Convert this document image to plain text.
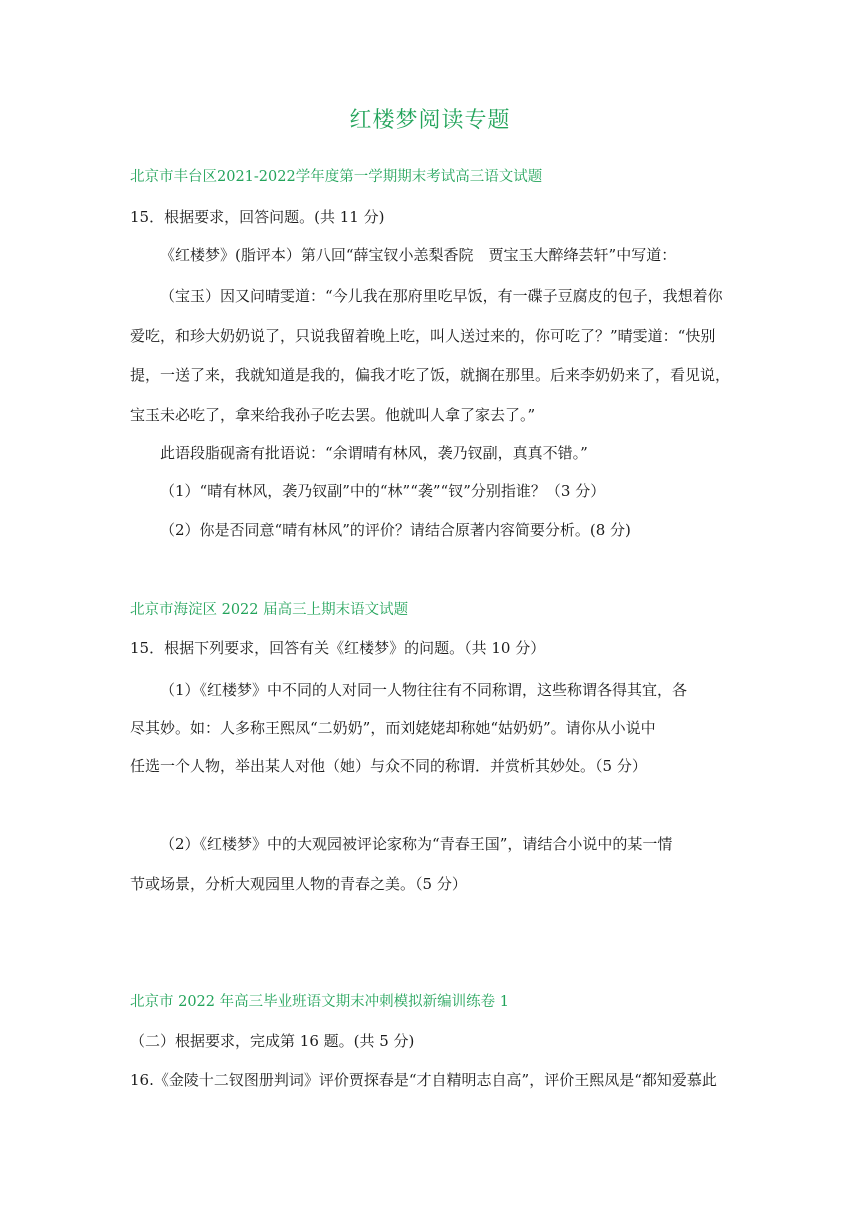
红楼梦阅读专题
北京市丰台区2021-2022学年度第一学期期末考试高三语文试题
15．根据要求，回答问题。(共 11 分)
《红楼梦》(脂评本）第八回“薛宝钗小恙梨香院　贾宝玉大醉绛芸轩”中写道：
（宝玉）因又问晴雯道：“今儿我在那府里吃早饭，有一碟子豆腐皮的包子，我想着你
爱吃，和珍大奶奶说了，只说我留着晚上吃，叫人送过来的，你可吃了？”晴雯道：“快别
提，一送了来，我就知道是我的，偏我才吃了饭，就搁在那里。后来李奶奶来了，看见说，
宝玉未必吃了，拿来给我孙子吃去罢。他就叫人拿了家去了。”
此语段脂砚斋有批语说：“余谓晴有林风，袭乃钗副，真真不错。”
（1）“晴有林风，袭乃钗副”中的“林”“袭”“钗”分别指谁？（3 分）
（2）你是否同意“晴有林风”的评价？请结合原著内容简要分析。(8 分)
北京市海淀区 2022 届高三上期末语文试题
15．根据下列要求，回答有关《红楼梦》的问题。（共 10 分）
（1）《红楼梦》中不同的人对同一人物往往有不同称谓，这些称谓各得其宜，各
尽其妙。如：人多称王熙凤“二奶奶”，而刘姥姥却称她“姑奶奶”。请你从小说中
任选一个人物，举出某人对他（她）与众不同的称谓．并赏析其妙处。（5 分）
（2）《红楼梦》中的大观园被评论家称为“青春王国”，请结合小说中的某一情
节或场景，分析大观园里人物的青春之美。（5 分）
北京市 2022 年高三毕业班语文期末冲刺模拟新编训练卷 1
（二）根据要求，完成第 16 题。(共 5 分)
16.《金陵十二钗图册判词》评价贾探春是“才自精明志自高”，评价王熙凤是“都知爱慕此
